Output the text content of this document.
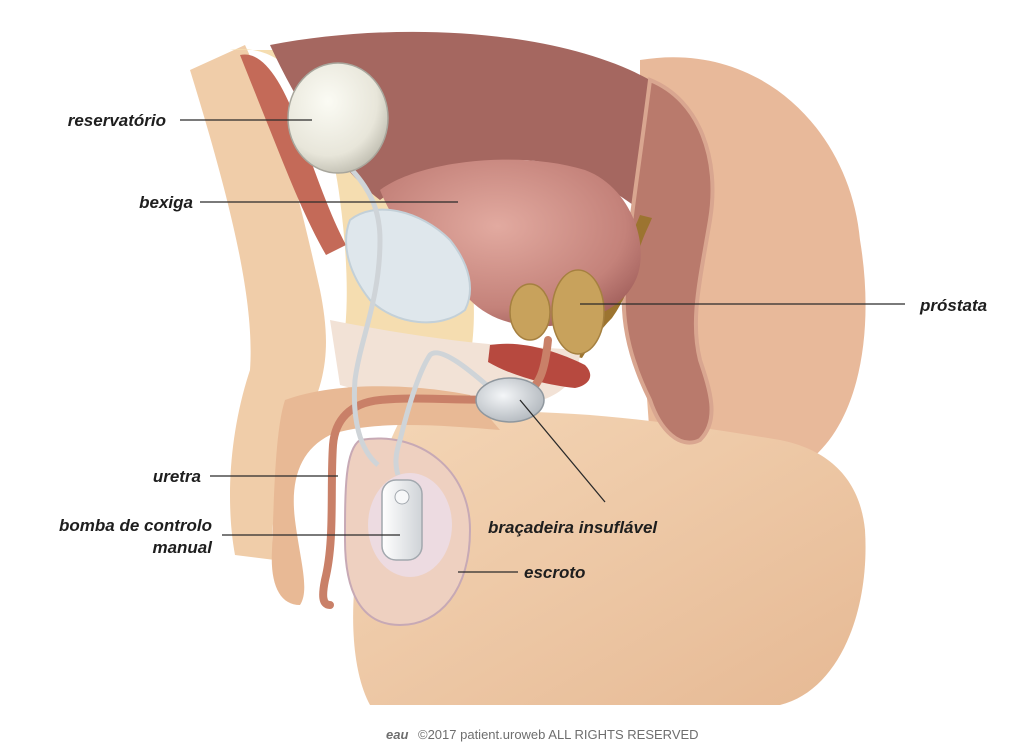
reservatório
bexiga
próstata
uretra
bomba de controlo
manual
braçadeira insuflável
escroto
eau ©2017 patient.uroweb ALL RIGHTS RESERVED
